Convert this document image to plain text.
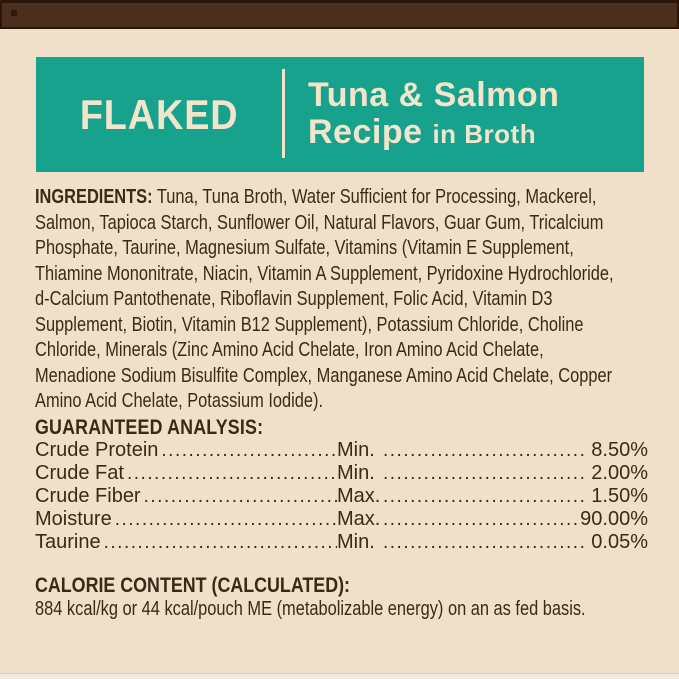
FLAKED Tuna & Salmon
Recipe in Broth
INGREDIENTS: Tuna, Tuna Broth, Water Sufficient for Processing, Mackerel,
Salmon, Tapioca Starch, Sunflower Oil, Natural Flavors, Guar Gum, Tricalcium
Phosphate, Taurine, Magnesium Sulfate, Vitamins (Vitamin E Supplement,
Thiamine Mononitrate, Niacin, Vitamin A Supplement, Pyridoxine Hydrochloride,
d-Calcium Pantothenate, Riboflavin Supplement, Folic Acid, Vitamin D3
Supplement, Biotin, Vitamin B12 Supplement), Potassium Chloride, Choline
Chloride, Minerals (Zinc Amino Acid Chelate, Iron Amino Acid Chelate,
Menadione Sodium Bisulfite Complex, Manganese Amino Acid Chelate, Copper
Amino Acid Chelate, Potassium Iodide).
GUARANTEED ANALYSIS:
Crude Protein .....	Min. .....	8.50%
Crude Fat .....	Min. .....	2.00%
Crude Fiber .....	Max. .....	1.50%
Moisture .....	Max. .....	90.00%
Taurine .....	Min. .....	0.05%
CALORIE CONTENT (CALCULATED):
884 kcal/kg or 44 kcal/pouch ME (metabolizable energy) on an as fed basis.
